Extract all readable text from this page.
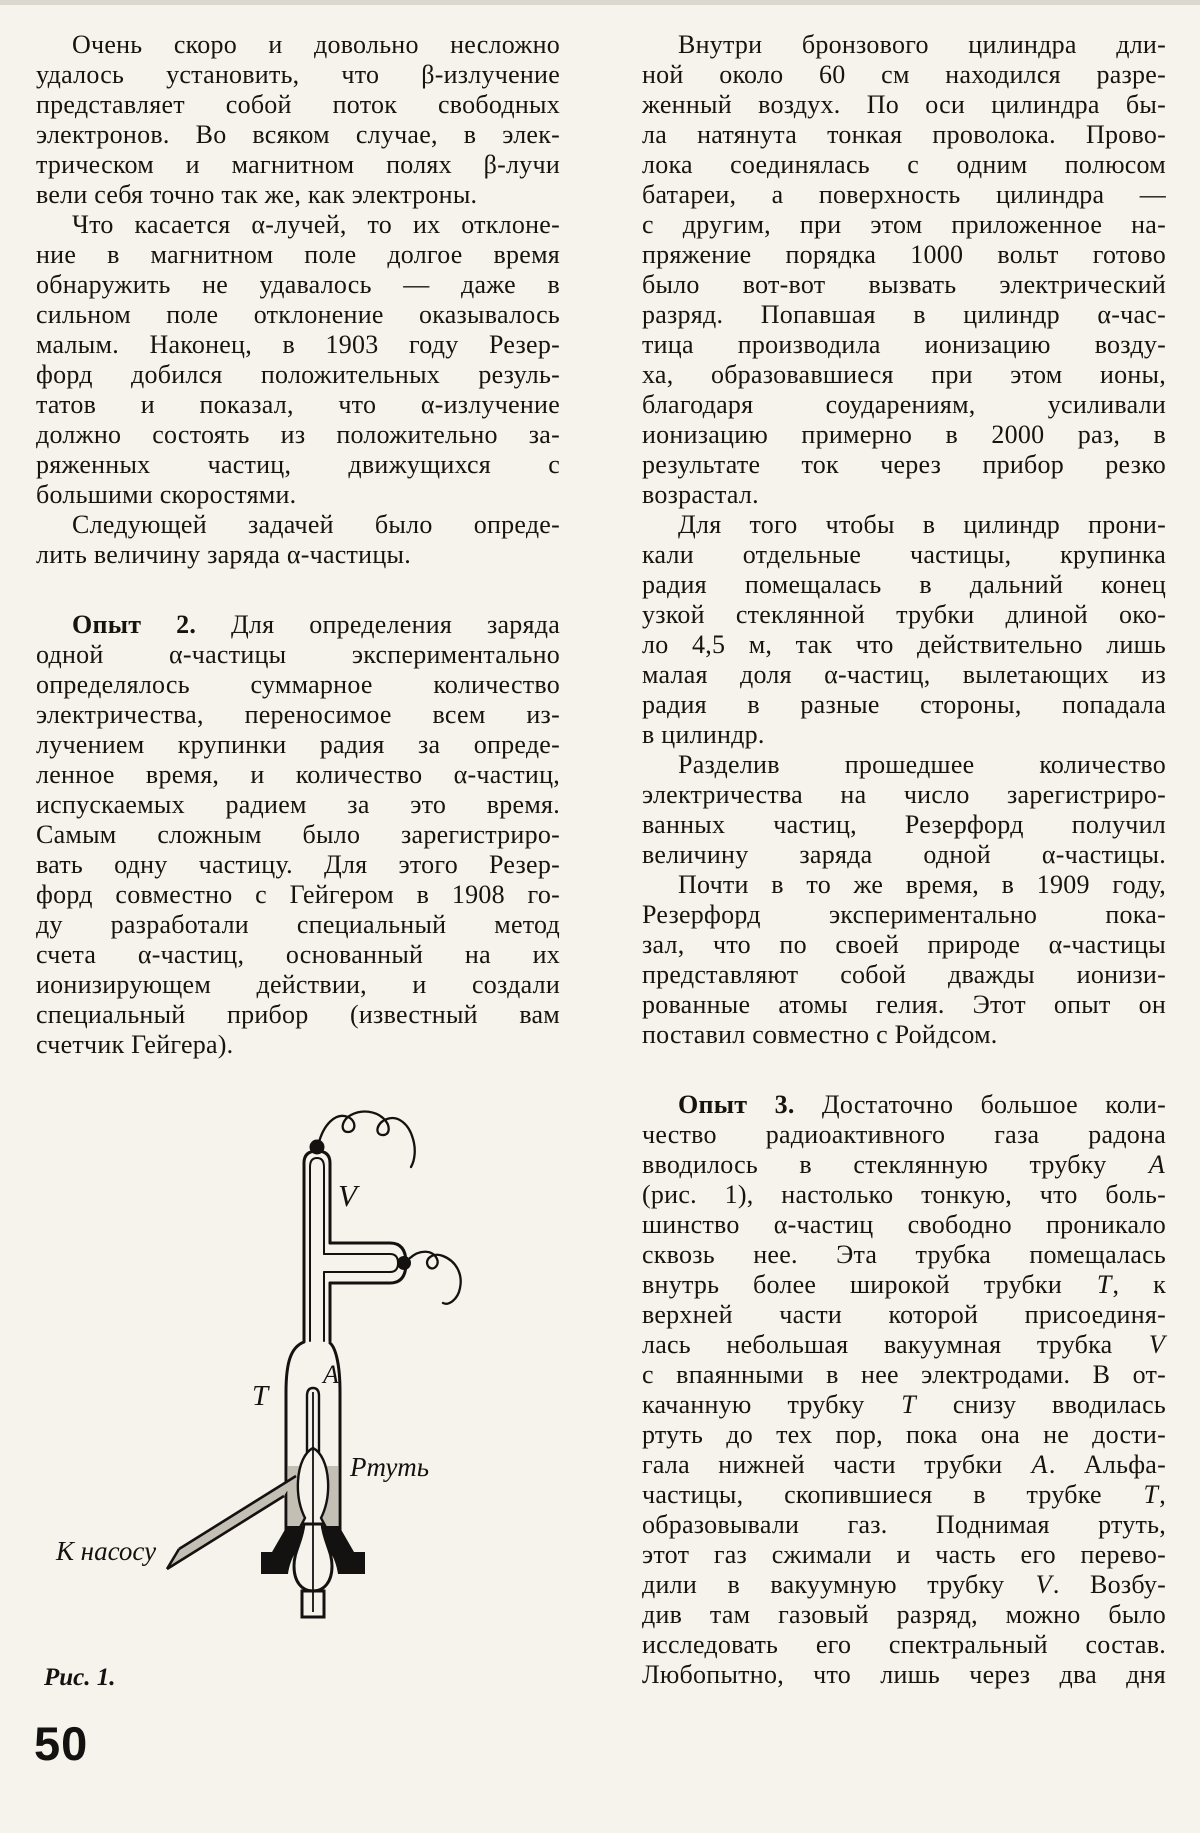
Очень скоро и довольно несложно
удалось установить, что β-излучение
представляет собой поток свободных
электронов. Во всяком случае, в элек-
трическом и магнитном полях β-лучи
вели себя точно так же, как электроны.
Что касается α-лучей, то их отклоне-
ние в магнитном поле долгое время
обнаружить не удавалось — даже в
сильном поле отклонение оказывалось
малым. Наконец, в 1903 году Резер-
форд добился положительных резуль-
татов и показал, что α-излучение
должно состоять из положительно за-
ряженных частиц, движущихся с
большими скоростями.
Следующей задачей было опреде-
лить величину заряда α-частицы.
Опыт 2. Для определения заряда
одной α-частицы экспериментально
определялось суммарное количество
электричества, переносимое всем из-
лучением крупинки радия за опреде-
ленное время, и количество α-частиц,
испускаемых радием за это время.
Самым сложным было зарегистриро-
вать одну частицу. Для этого Резер-
форд совместно с Гейгером в 1908 го-
ду разработали специальный метод
счета α-частиц, основанный на их
ионизирующем действии, и создали
специальный прибор (известный вам
счетчик Гейгера).
Внутри бронзового цилиндра дли-
ной около 60 см находился разре-
женный воздух. По оси цилиндра бы-
ла натянута тонкая проволока. Прово-
лока соединялась с одним полюсом
батареи, а поверхность цилиндра —
с другим, при этом приложенное на-
пряжение порядка 1000 вольт готово
было вот-вот вызвать электрический
разряд. Попавшая в цилиндр α-час-
тица производила ионизацию возду-
ха, образовавшиеся при этом ионы,
благодаря соударениям, усиливали
ионизацию примерно в 2000 раз, в
результате ток через прибор резко
возрастал.
Для того чтобы в цилиндр прони-
кали отдельные частицы, крупинка
радия помещалась в дальний конец
узкой стеклянной трубки длиной око-
ло 4,5 м, так что действительно лишь
малая доля α-частиц, вылетающих из
радия в разные стороны, попадала
в цилиндр.
Разделив прошедшее количество
электричества на число зарегистриро-
ванных частиц, Резерфорд получил
величину заряда одной α-частицы.
Почти в то же время, в 1909 году,
Резерфорд экспериментально пока-
зал, что по своей природе α-частицы
представляют собой дважды ионизи-
рованные атомы гелия. Этот опыт он
поставил совместно с Ройдсом.
Опыт 3. Достаточно большое коли-
чество радиоактивного газа радона
вводилось в стеклянную трубку A
(рис. 1), настолько тонкую, что боль-
шинство α-частиц свободно проникало
сквозь нее. Эта трубка помещалась
внутрь более широкой трубки T, к
верхней части которой присоединя-
лась небольшая вакуумная трубка V
с впаянными в нее электродами. В от-
качанную трубку T снизу вводилась
ртуть до тех пор, пока она не дости-
гала нижней части трубки A. Альфа-
частицы, скопившиеся в трубке T,
образовывали газ. Поднимая ртуть,
этот газ сжимали и часть его перево-
дили в вакуумную трубку V. Возбу-
див там газовый разряд, можно было
исследовать его спектральный состав.
Любопытно, что лишь через два дня
V
T
A
Ртуть
К насосу
Рис. 1.
50
